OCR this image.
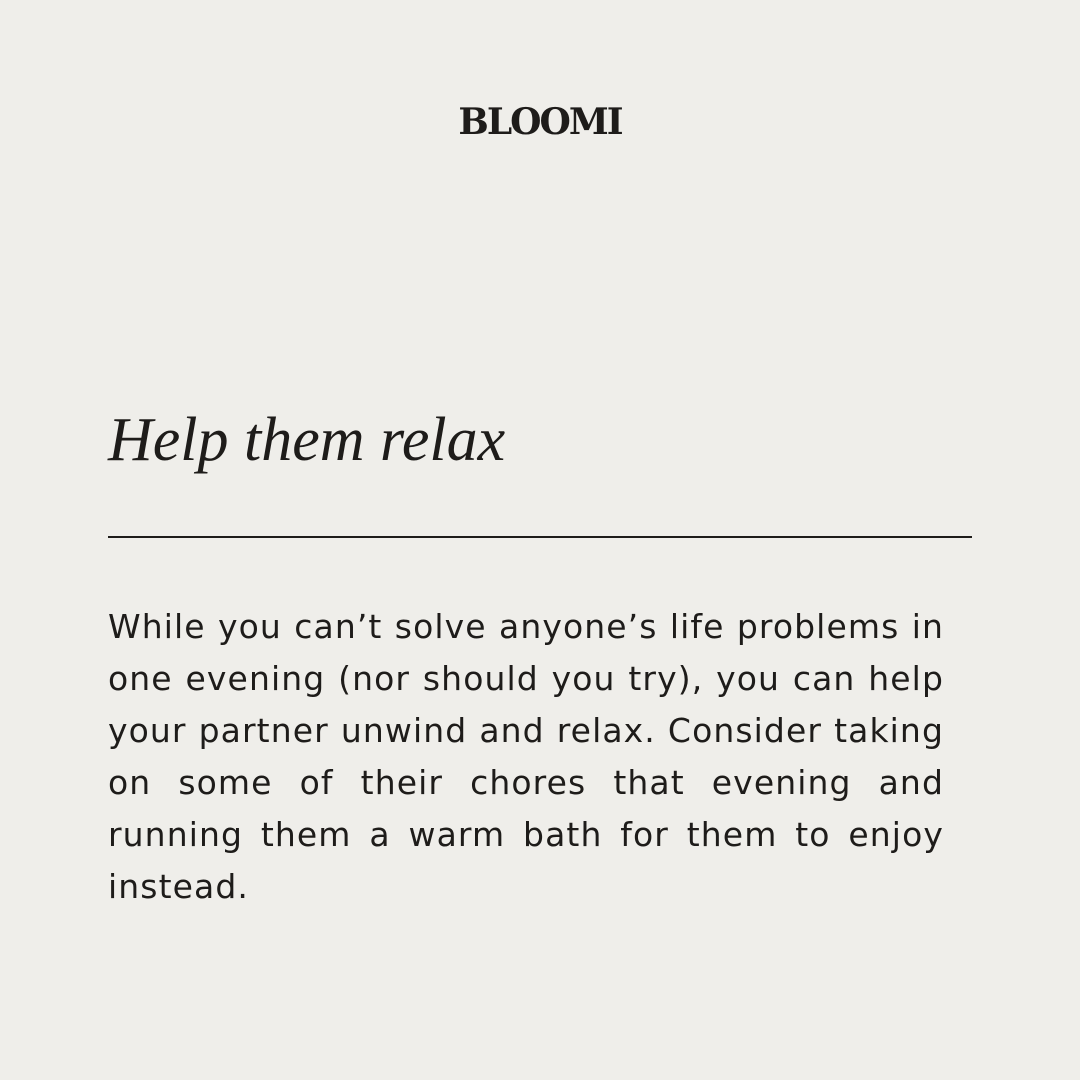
BLOOMI
Help them relax

While you can’t solve anyone’s life problems in one evening (nor should you try), you can help your partner unwind and relax. Consider taking on some of their chores that evening and running them a warm bath for them to enjoy instead.
